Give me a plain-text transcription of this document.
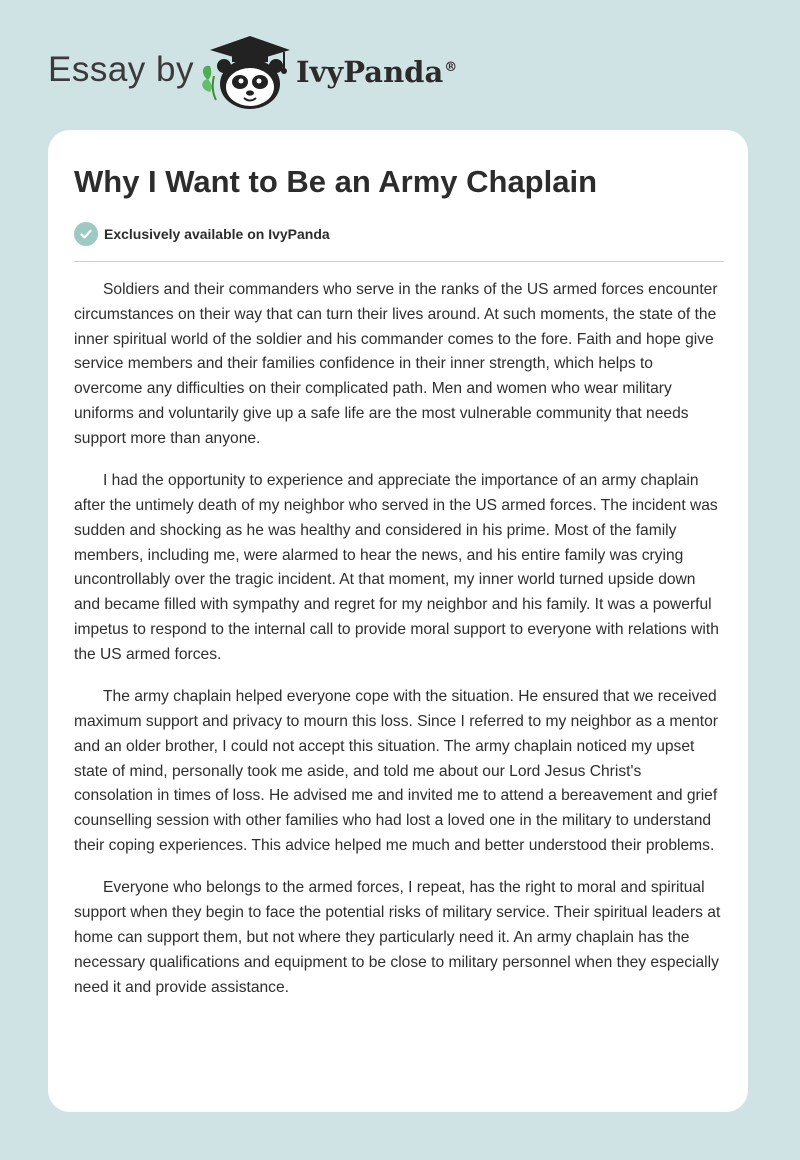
Essay by	IvyPanda®
Why I Want to Be an Army Chaplain
Exclusively available on IvyPanda

Soldiers and their commanders who serve in the ranks of the US armed forces encounter circumstances on their way that can turn their lives around. At such moments, the state of the inner spiritual world of the soldier and his commander comes to the fore. Faith and hope give service members and their families confidence in their inner strength, which helps to overcome any difficulties on their complicated path. Men and women who wear military uniforms and voluntarily give up a safe life are the most vulnerable community that needs support more than anyone.

I had the opportunity to experience and appreciate the importance of an army chaplain after the untimely death of my neighbor who served in the US armed forces. The incident was sudden and shocking as he was healthy and considered in his prime. Most of the family members, including me, were alarmed to hear the news, and his entire family was crying uncontrollably over the tragic incident. At that moment, my inner world turned upside down and became filled with sympathy and regret for my neighbor and his family. It was a powerful impetus to respond to the internal call to provide moral support to everyone with relations with the US armed forces.

The army chaplain helped everyone cope with the situation. He ensured that we received maximum support and privacy to mourn this loss. Since I referred to my neighbor as a mentor and an older brother, I could not accept this situation. The army chaplain noticed my upset state of mind, personally took me aside, and told me about our Lord Jesus Christ's consolation in times of loss. He advised me and invited me to attend a bereavement and grief counselling session with other families who had lost a loved one in the military to understand their coping experiences. This advice helped me much and better understood their problems.

Everyone who belongs to the armed forces, I repeat, has the right to moral and spiritual support when they begin to face the potential risks of military service. Their spiritual leaders at home can support them, but not where they particularly need it. An army chaplain has the necessary qualifications and equipment to be close to military personnel when they especially need it and provide assistance.
